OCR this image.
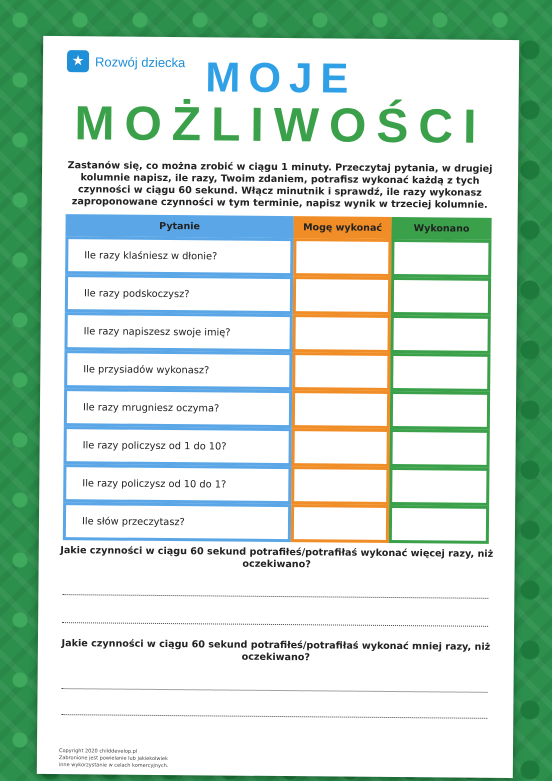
★ Rozwój dziecka MOJE
MOŻLIWOŚCI
Zastanów się, co można zrobić w ciągu 1 minuty. Przeczytaj pytania, w drugiej kolumnie napisz, ile razy, Twoim zdaniem, potrafisz wykonać każdą z tych czynności w ciągu 60 sekund. Włącz minutnik i sprawdź, ile razy wykonasz zaproponowane czynności w tym terminie, napisz wynik w trzeciej kolumnie.
Pytanie	Mogę wykonać	Wykonano
Ile razy klaśniesz w dłonie?
Ile razy podskoczysz?
Ile razy napiszesz swoje imię?
Ile przysiadów wykonasz?
Ile razy mrugniesz oczyma?
Ile razy policzysz od 1 do 10?
Ile razy policzysz od 10 do 1?
Ile słów przeczytasz?
Jakie czynności w ciągu 60 sekund potrafiłeś/potrafiłaś wykonać więcej razy, niż oczekiwano?
Jakie czynności w ciągu 60 sekund potrafiłeś/potrafiłaś wykonać mniej razy, niż oczekiwano?
Copyright 2020 childdevelop.pl
Zabronione jest powielanie lub jakiekolwiek
inne wykorzystanie w celach komercyjnych.
